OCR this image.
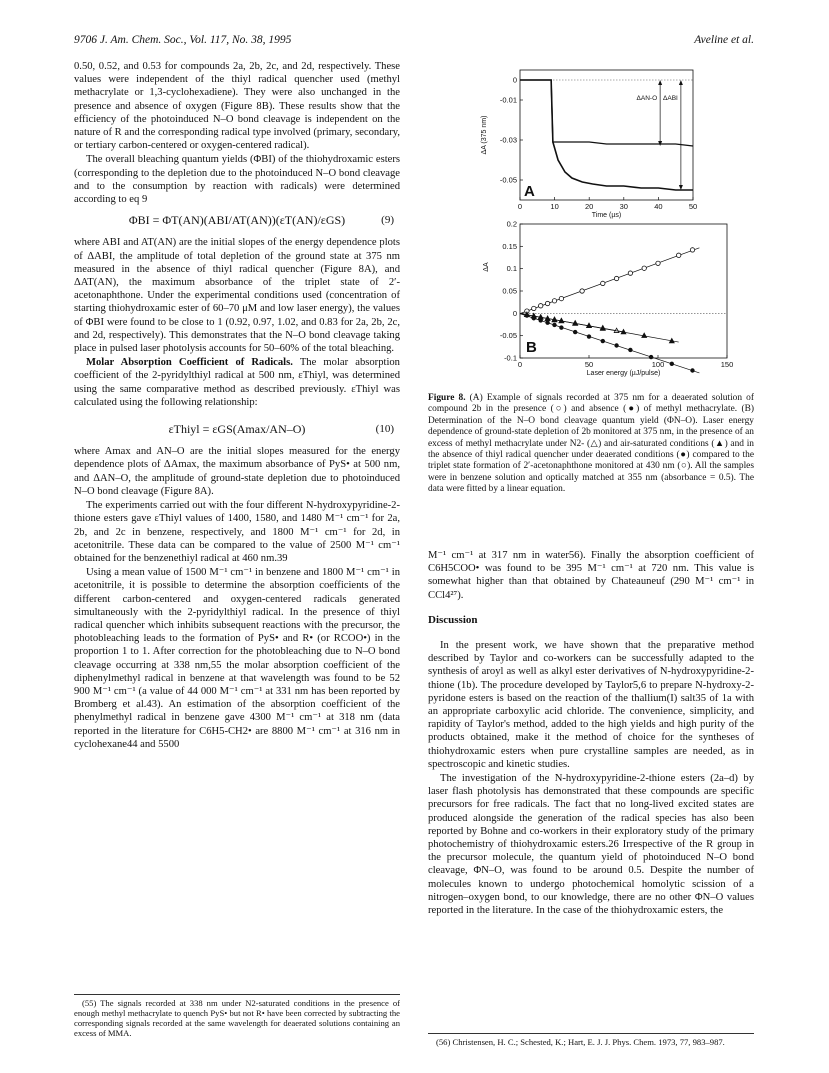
9706 J. Am. Chem. Soc., Vol. 117, No. 38, 1995	Aveline et al.

0.50, 0.52, and 0.53 for compounds 2a, 2b, 2c, and 2d, respectively. These values were independent of the thiyl radical quencher used (methyl methacrylate or 1,3-cyclohexadiene). They were also unchanged in the presence and absence of oxygen (Figure 8B). These results show that the efficiency of the photoinduced N–O bond cleavage is independent on the nature of R and the corresponding radical type involved (primary, secondary, or tertiary carbon-centered or oxygen-centered radical).

The overall bleaching quantum yields (ΦBI) of the thiohydroxamic esters (corresponding to the depletion due to the photoinduced N–O bond cleavage and to the consumption by reaction with radicals) were determined according to eq 9

ΦBI = ΦT(AN)(ABI/AT(AN))(εT(AN)/εGS)	(9)

where ABI and AT(AN) are the initial slopes of the energy dependence plots of ΔABI, the amplitude of total depletion of the ground state at 375 nm measured in the absence of thiyl radical quencher (Figure 8A), and ΔAT(AN), the maximum absorbance of the triplet state of 2′-acetonaphthone. Under the experimental conditions used (concentration of starting thiohydroxamic ester of 60–70 μM and low laser energy), the values of ΦBI were found to be close to 1 (0.92, 0.97, 1.02, and 0.83 for 2a, 2b, 2c, and 2d, respectively). This demonstrates that the N–O bond cleavage taking place in pulsed laser photolysis accounts for 50–60% of the total bleaching.

Molar Absorption Coefficient of Radicals. The molar absorption coefficient of the 2-pyridylthiyl radical at 500 nm, εThiyl, was determined using the same comparative method as described previously. εThiyl was calculated using the following relationship:

εThiyl = εGS(Amax/AN–O)	(10)

where Amax and AN–O are the initial slopes measured for the energy dependence plots of ΔAmax, the maximum absorbance of PyS• at 500 nm, and ΔAN–O, the amplitude of ground-state depletion due to photoinduced N–O bond cleavage (Figure 8A).

The experiments carried out with the four different N-hydroxypyridine-2-thione esters gave εThiyl values of 1400, 1580, and 1480 M⁻¹ cm⁻¹ for 2a, 2b, and 2c in benzene, respectively, and 1800 M⁻¹ cm⁻¹ for 2d, in acetonitrile. These data can be compared to the value of 2500 M⁻¹ cm⁻¹ obtained for the benzenethiyl radical at 460 nm.39

Using a mean value of 1500 M⁻¹ cm⁻¹ in benzene and 1800 M⁻¹ cm⁻¹ in acetonitrile, it is possible to determine the absorption coefficients of the different carbon-centered and oxygen-centered radicals generated simultaneously with the 2-pyridylthiyl radical. In the presence of thiyl radical quencher which inhibits subsequent reactions with the precursor, the photobleaching leads to the formation of PyS• and R• (or RCOO•) in the proportion 1 to 1. After correction for the photobleaching due to N–O bond cleavage occurring at 338 nm,55 the molar absorption coefficient of the diphenylmethyl radical in benzene at that wavelength was found to be 52 900 M⁻¹ cm⁻¹ (a value of 44 000 M⁻¹ cm⁻¹ at 331 nm has been reported by Bromberg et al.43). An estimation of the absorption coefficient of the phenylmethyl radical in benzene gave 4300 M⁻¹ cm⁻¹ at 318 nm (data reported in the literature for C6H5-CH2• are 8800 M⁻¹ cm⁻¹ at 316 nm in cyclohexane44 and 5500

(55) The signals recorded at 338 nm under N2-saturated conditions in the presence of enough methyl methacrylate to quench PyS• but not R• have been corrected by subtracting the corresponding signals recorded at the same wavelength for deaerated solutions containing an excess of MMA.
0	10	20	30	40	50
0
-0.01
-0.03
-0.05
Time (µs)
ΔA (375 nm)
A
ΔAN-O ΔABI
0	50	100	150
0.2
0.15
0.1
0.05
0
-0.05
-0.1
Laser energy (µJ/pulse)
ΔA
B
Figure 8. (A) Example of signals recorded at 375 nm for a deaerated solution of compound 2b in the presence (○) and absence (●) of methyl methacrylate. (B) Determination of the N–O bond cleavage quantum yield (ΦN–O). Laser energy dependence of ground-state depletion of 2b monitored at 375 nm, in the presence of an excess of methyl methacrylate under N2- (△) and air-saturated conditions (▲) and in the absence of thiyl radical quencher under deaerated conditions (●) compared to the triplet state formation of 2′-acetonaphthone monitored at 430 nm (○). All the samples were in benzene solution and optically matched at 355 nm (absorbance = 0.5). The data were fitted by a linear equation.

M⁻¹ cm⁻¹ at 317 nm in water56). Finally the absorption coefficient of C6H5COO• was found to be 395 M⁻¹ cm⁻¹ at 720 nm. This value is somewhat higher than that obtained by Chateauneuf (290 M⁻¹ cm⁻¹ in CCl4²⁷).

Discussion

In the present work, we have shown that the preparative method described by Taylor and co-workers can be successfully adapted to the synthesis of aroyl as well as alkyl ester derivatives of N-hydroxypyridine-2-thione (1b). The procedure developed by Taylor5,6 to prepare N-hydroxy-2-pyridone esters is based on the reaction of the thallium(I) salt35 of 1a with an appropriate carboxylic acid chloride. The convenience, simplicity, and rapidity of Taylor's method, added to the high yields and high purity of the products obtained, make it the method of choice for the syntheses of thiohydroxamic esters when pure crystalline samples are needed, as in spectroscopic and kinetic studies.

The investigation of the N-hydroxypyridine-2-thione esters (2a–d) by laser flash photolysis has demonstrated that these compounds are specific precursors for free radicals. The fact that no long-lived excited states are produced alongside the generation of the radical species has also been reported by Bohne and co-workers in their exploratory study of the primary photochemistry of thiohydroxamic esters.26 Irrespective of the R group in the precursor molecule, the quantum yield of photoinduced N–O bond cleavage, ΦN–O, was found to be around 0.5. Despite the number of molecules known to undergo photochemical homolytic scission of a nitrogen–oxygen bond, to our knowledge, there are no other ΦN–O values reported in the literature. In the case of the thiohydroxamic esters, the

(56) Christensen, H. C.; Schested, K.; Hart, E. J. J. Phys. Chem. 1973, 77, 983–987.
